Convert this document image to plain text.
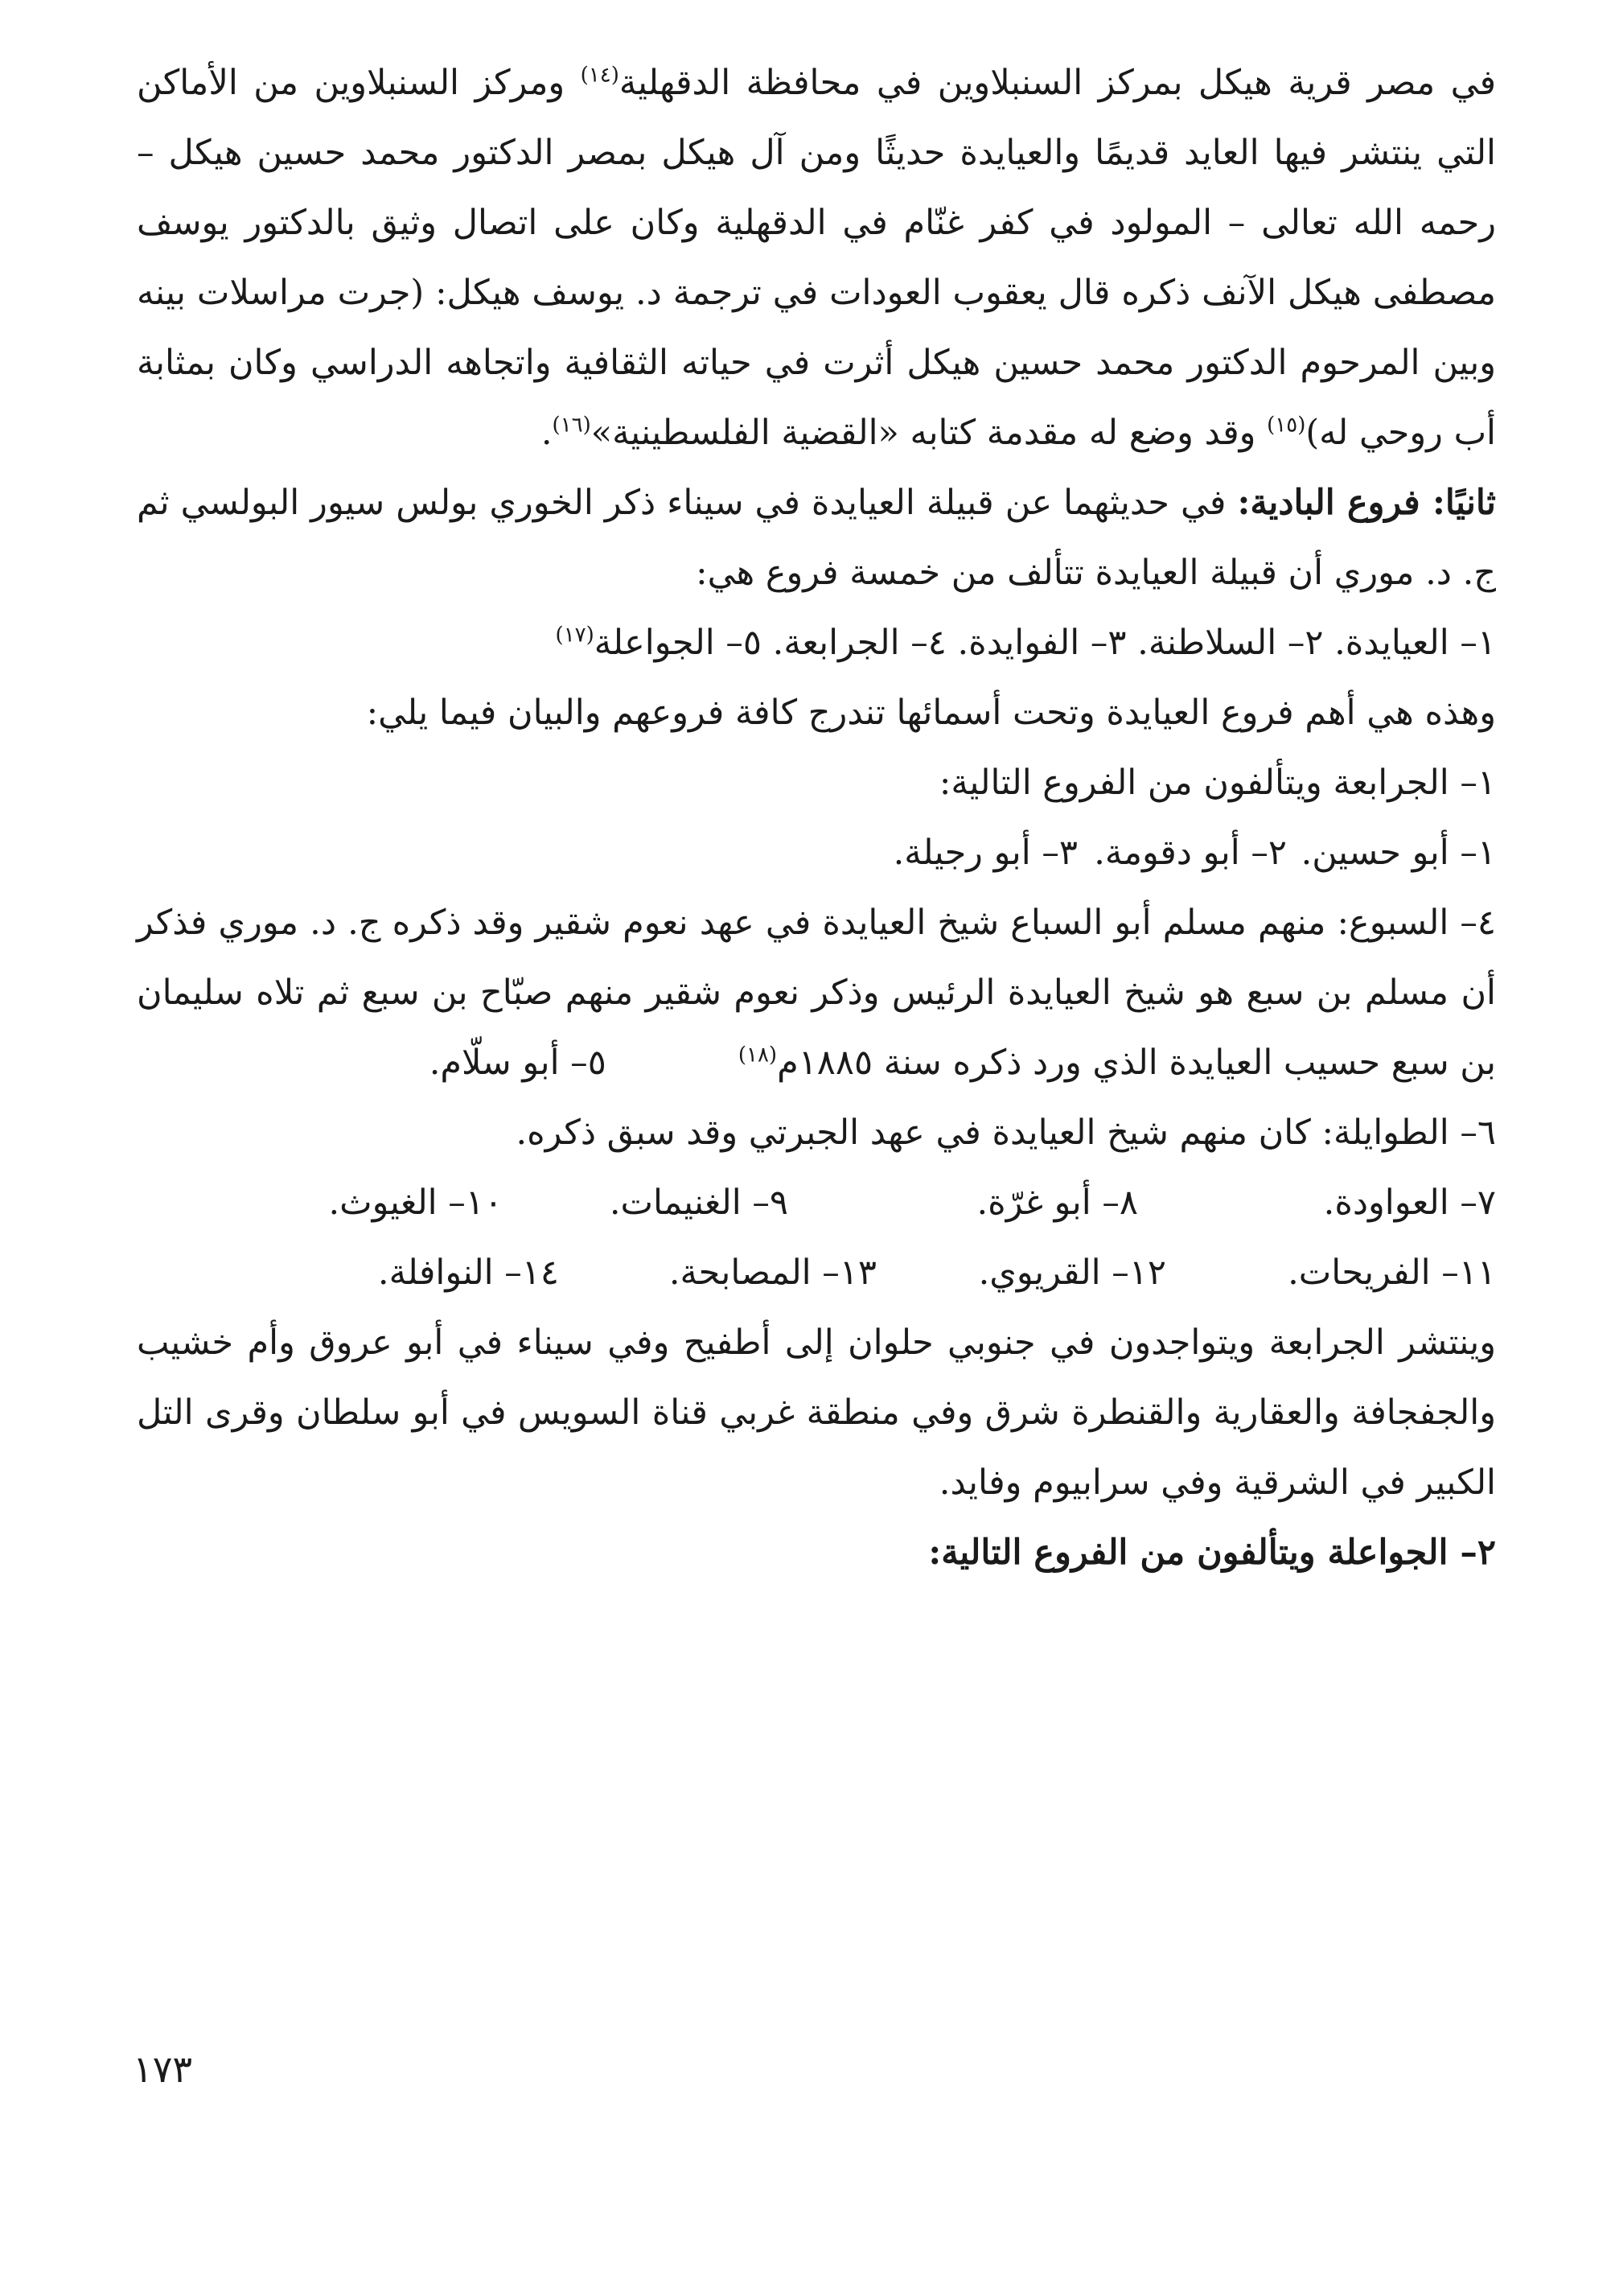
في مصر قرية هيكل بمركز السنبلاوين في محافظة الدقهلية$^{(١٤)}$ ومركز السنبلاوين من الأماكن التي ينتشر فيها العايد قديمًا والعيايدة حديثًا ومن آل هيكل بمصر الدكتور محمد حسين هيكل – رحمه الله تعالى – المولود في كفر غنّام في الدقهلية وكان على اتصال وثيق بالدكتور يوسف مصطفى هيكل الآنف ذكره قال يعقوب العودات في ترجمة د. يوسف هيكل: (جرت مراسلات بينه وبين المرحوم الدكتور محمد حسين هيكل أثرت في حياته الثقافية واتجاهه الدراسي وكان بمثابة أب روحي له)$^{(١٥)}$ وقد وضع له مقدمة كتابه «القضية الفلسطينية»$^{(١٦)}$.

ثانيًا: فروع البادية: في حديثهما عن قبيلة العيايدة في سيناء ذكر الخوري بولس سيور البولسي ثم ج. د. موري أن قبيلة العيايدة تتألف من خمسة فروع هي:

١– العيايدة. ٢– السلاطنة. ٣– الفوايدة. ٤– الجرابعة. ٥– الجواعلة$^{(١٧)}$

وهذه هي أهم فروع العيايدة وتحت أسمائها تندرج كافة فروعهم والبيان فيما يلي:

١– الجرابعة ويتألفون من الفروع التالية:

١– أبو حسين.
٢– أبو دقومة.
٣– أبو رجيلة.

٤– السبوع: منهم مسلم أبو السباع شيخ العيايدة في عهد نعوم شقير وقد ذكره ج. د. موري فذكر أن مسلم بن سبع هو شيخ العيايدة الرئيس وذكر نعوم شقير منهم صبّاح بن سبع ثم تلاه سليمان بن سبع حسيب العيايدة الذي ورد ذكره سنة ١٨٨٥م$^{(١٨)}$            ٥– أبو سلّام.

٦– الطوايلة: كان منهم شيخ العيايدة في عهد الجبرتي وقد سبق ذكره.

٧– العواودة.
٨– أبو غرّة.
٩– الغنيمات.
١٠– الغيوث.
١١– الفريحات.
١٢– القريوي.
١٣– المصابحة.
١٤– النوافلة.

وينتشر الجرابعة ويتواجدون في جنوبي حلوان إلى أطفيح وفي سيناء في أبو عروق وأم خشيب والجفجافة والعقارية والقنطرة شرق وفي منطقة غربي قناة السويس في أبو سلطان وقرى التل الكبير في الشرقية وفي سرابيوم وفايد.

٢– الجواعلة ويتألفون من الفروع التالية:

١٧٣
